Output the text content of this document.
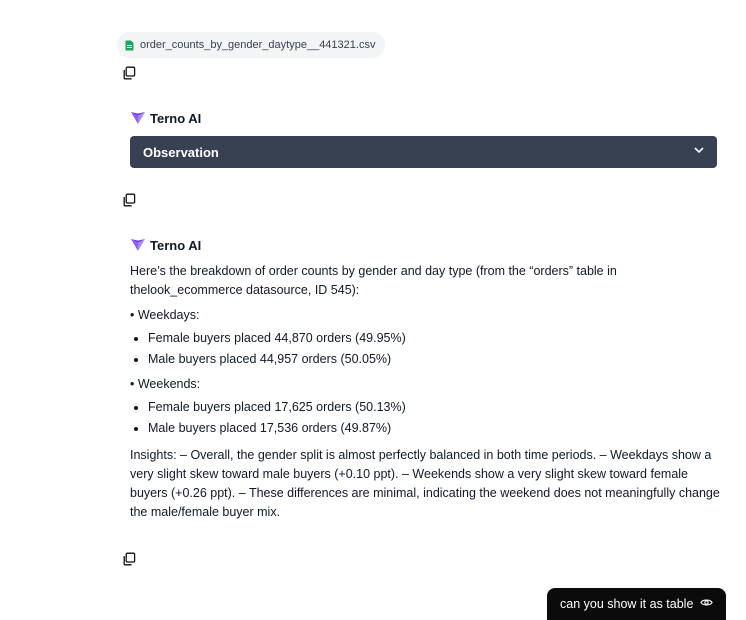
order_counts_by_gender_daytype__441321.csv
Terno AI
Observation
Terno AI

Here’s the breakdown of order counts by gender and day type (from the “orders” table in thelook_ecommerce datasource, ID 545):

• Weekdays:

• Female buyers placed 44,870 orders (49.95%)
• Male buyers placed 44,957 orders (50.05%)

• Weekends:

• Female buyers placed 17,625 orders (50.13%)
• Male buyers placed 17,536 orders (49.87%)

Insights: – Overall, the gender split is almost perfectly balanced in both time periods. – Weekdays show a very slight skew toward male buyers (+0.10 ppt). – Weekends show a very slight skew toward female buyers (+0.26 ppt). – These differences are minimal, indicating the weekend does not meaningfully change the male/female buyer mix.

can you show it as table
